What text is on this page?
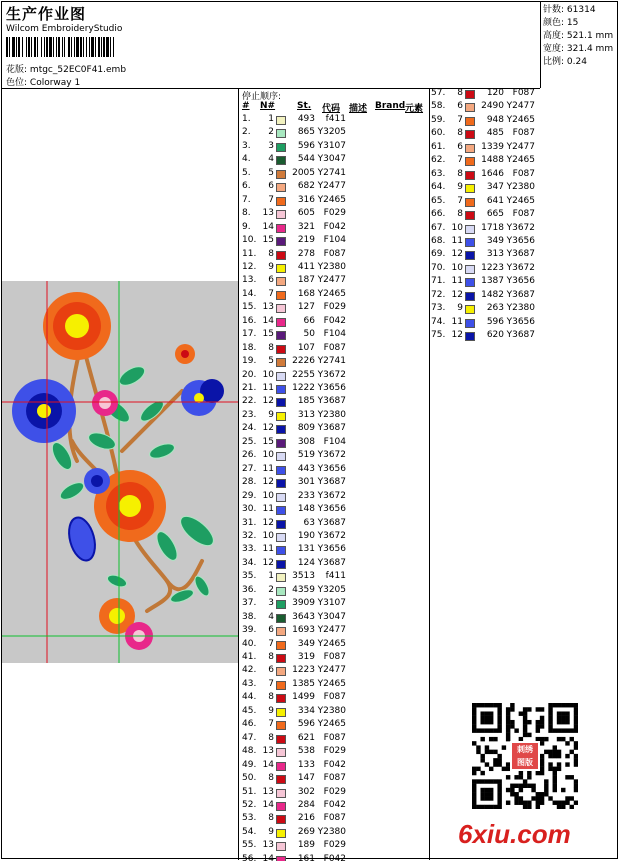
生产作业图
Wilcom EmbroideryStudio
花版: mtgc_52EC0F41.emb
色位: Colorway 1
针数: 61314
颜色: 15
高度: 521.1 mm
宽度: 321.4 mm
比例: 0.24
停止顺序:
# N# St. 代码 描述 Brand 元素
1.	1	493	f411
2.	2	865 Y3205
3.	3	596 Y3107
4.	4	544 Y3047
5.	5	2005 Y2741
6.	6	682 Y2477
7.	7	316 Y2465
8.	13	605 F029
9.	14	321 F042
10. 15	219 F104
11.	8	278 F087
12.	9	411 Y2380
13.	6	187 Y2477
14.	7	168 Y2465
15. 13	127 F029
16. 14	66 F042
17. 15	50 F104
18.	8	107 F087
19.	5	2226 Y2741
20. 10	2255 Y3672
21. 11	1222 Y3656
22. 12	185 Y3687
23.	9	313 Y2380
24. 12	809 Y3687
25. 15	308 F104
26. 10	519 Y3672
27. 11	443 Y3656
28. 12	301 Y3687
29. 10	233 Y3672
30. 11	148 Y3656
31. 12	63 Y3687
32. 10	190 Y3672
33. 11	131 Y3656
34. 12	124 Y3687
35.	1	3513	f411
36.	2	4359 Y3205
37.	3	3909 Y3107
38.	4	3643 Y3047
39.	6	1693 Y2477
40.	7	349 Y2465
41.	8	319 F087
42.	6	1223 Y2477
43.	7	1385 Y2465
44.	8	1499 F087
45.	9	334 Y2380
46.	7	596 Y2465
47.	8	621 F087
48. 13	538 F029
49. 14	133 F042
50.	8	147 F087
51. 13	302 F029
52. 14	284 F042
53.	8	216 F087
54.	9	269 Y2380
55. 13	189 F029
56. 14	161 F042
57.	8	120 F087
58.	6	2490 Y2477
59.	7	948 Y2465
60.	8	485 F087
61.	6	1339 Y2477
62.	7	1488 Y2465
63.	8	1646 F087
64.	9	347 Y2380
65.	7	641 Y2465
66.	8	665 F087
67. 10	1718 Y3672
68. 11	349 Y3656
69. 12	313 Y3687
70. 10	1223 Y3672
71. 11	1387 Y3656
72. 12	1482 Y3687
73.	9	263 Y2380
74. 11	596 Y3656
75. 12	620 Y3687
刺绣 图版
6xiu.com
